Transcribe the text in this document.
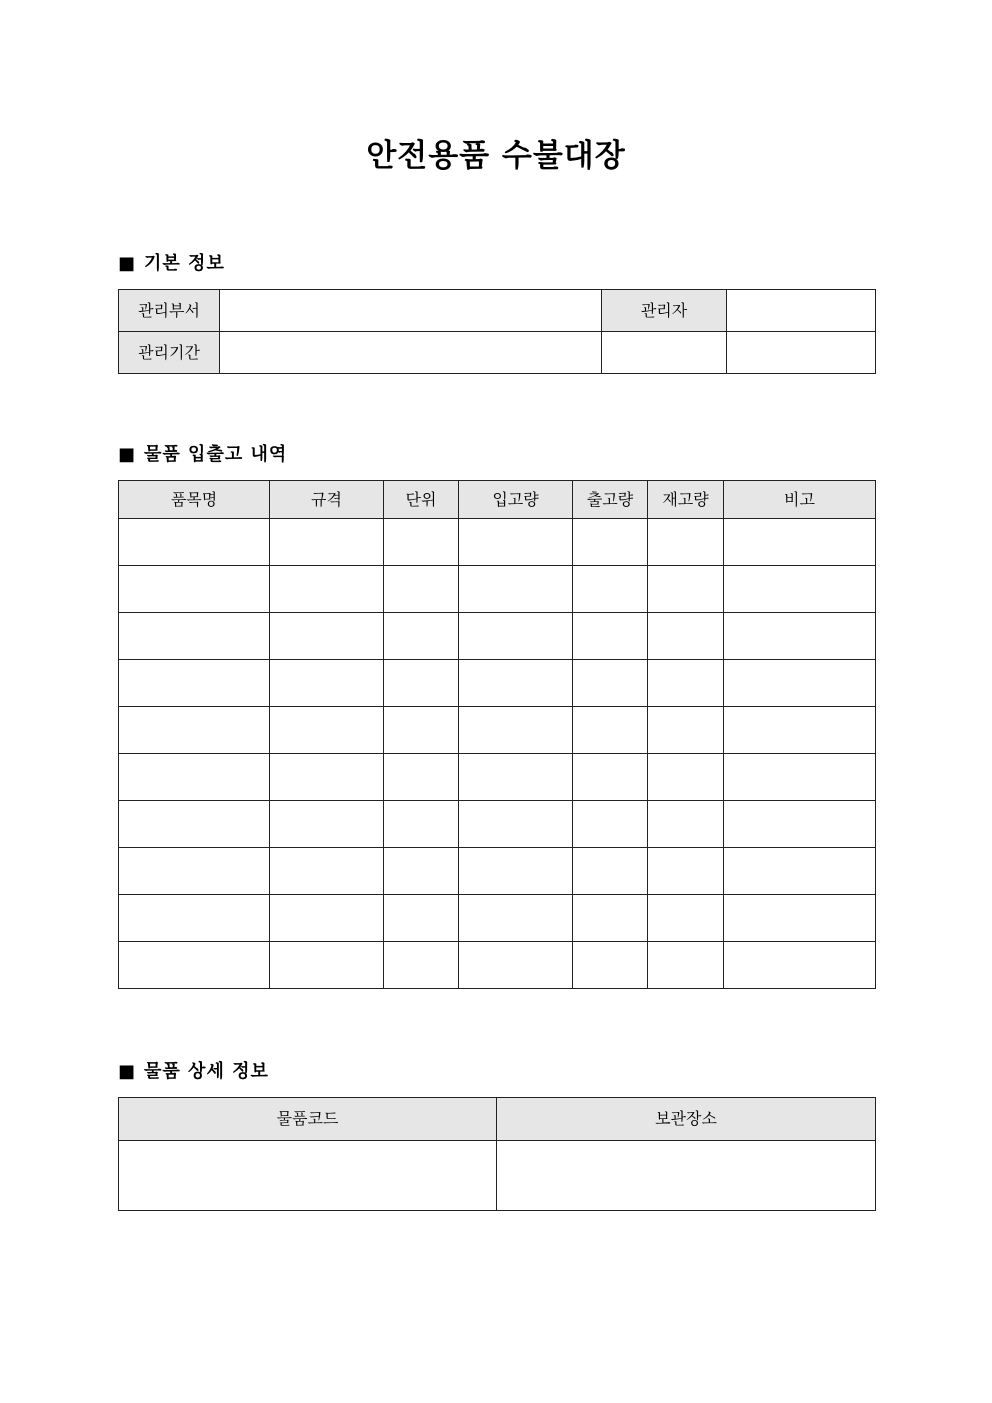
안전용품 수불대장
■ 기본 정보
관리부서		관리자	
관리기간			
■ 물품 입출고 내역
품목명	규격	단위	입고량	출고량	재고량	비고

■ 물품 상세 정보
물품코드	보관장소
